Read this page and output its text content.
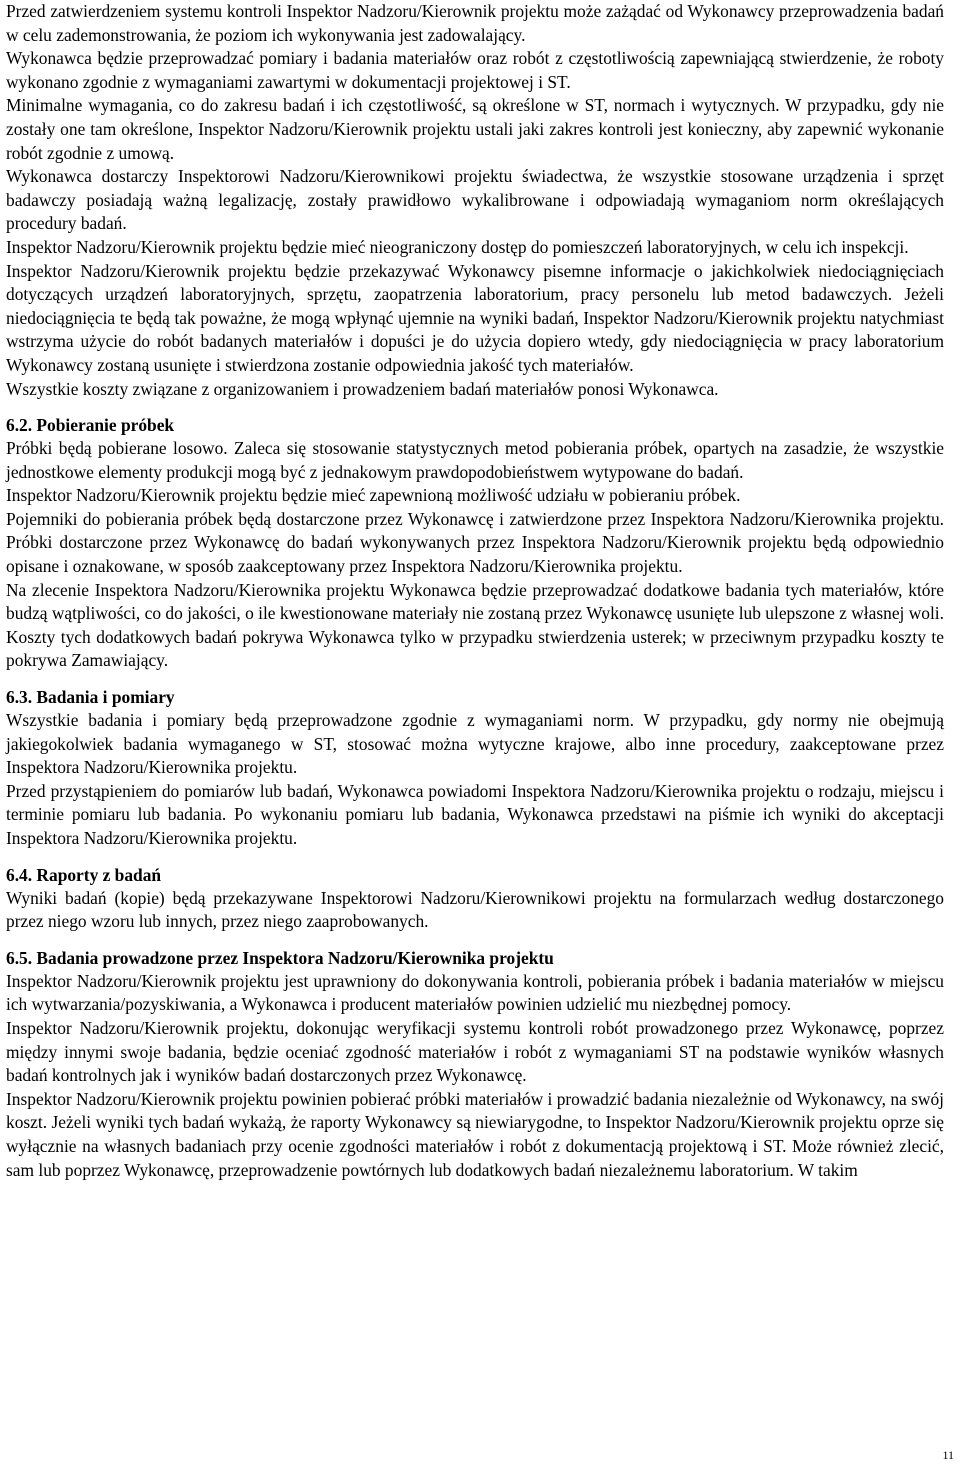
Przed zatwierdzeniem systemu kontroli Inspektor Nadzoru/Kierownik projektu może zażądać od Wykonawcy przeprowadzenia badań w celu zademonstrowania, że poziom ich wykonywania jest zadowalający.

Wykonawca będzie przeprowadzać pomiary i badania materiałów oraz robót z częstotliwością zapewniającą stwierdzenie, że roboty wykonano zgodnie z wymaganiami zawartymi w dokumentacji projektowej i ST.

Minimalne wymagania, co do zakresu badań i ich częstotliwość, są określone w ST, normach i wytycznych. W przypadku, gdy nie zostały one tam określone, Inspektor Nadzoru/Kierownik projektu ustali jaki zakres kontroli jest konieczny, aby zapewnić wykonanie robót zgodnie z umową.

Wykonawca dostarczy Inspektorowi Nadzoru/Kierownikowi projektu świadectwa, że wszystkie stosowane urządzenia i sprzęt badawczy posiadają ważną legalizację, zostały prawidłowo wykalibrowane i odpowiadają wymaganiom norm określających procedury badań.

Inspektor Nadzoru/Kierownik projektu będzie mieć nieograniczony dostęp do pomieszczeń laboratoryjnych, w celu ich inspekcji.

Inspektor Nadzoru/Kierownik projektu będzie przekazywać Wykonawcy pisemne informacje o jakichkolwiek niedociągnięciach dotyczących urządzeń laboratoryjnych, sprzętu, zaopatrzenia laboratorium, pracy personelu lub metod badawczych. Jeżeli niedociągnięcia te będą tak poważne, że mogą wpłynąć ujemnie na wyniki badań, Inspektor Nadzoru/Kierownik projektu natychmiast wstrzyma użycie do robót badanych materiałów i dopuści je do użycia dopiero wtedy, gdy niedociągnięcia w pracy laboratorium Wykonawcy zostaną usunięte i stwierdzona zostanie odpowiednia jakość tych materiałów.

Wszystkie koszty związane z organizowaniem i prowadzeniem badań materiałów ponosi Wykonawca.

6.2. Pobieranie próbek

Próbki będą pobierane losowo. Zaleca się stosowanie statystycznych metod pobierania próbek, opartych na zasadzie, że wszystkie jednostkowe elementy produkcji mogą być z jednakowym prawdopodobieństwem wytypowane do badań.

Inspektor Nadzoru/Kierownik projektu będzie mieć zapewnioną możliwość udziału w pobieraniu próbek.

Pojemniki do pobierania próbek będą dostarczone przez Wykonawcę i zatwierdzone przez Inspektora Nadzoru/Kierownika projektu. Próbki dostarczone przez Wykonawcę do badań wykonywanych przez Inspektora Nadzoru/Kierownik projektu będą odpowiednio opisane i oznakowane, w sposób zaakceptowany przez Inspektora Nadzoru/Kierownika projektu.

Na zlecenie Inspektora Nadzoru/Kierownika projektu Wykonawca będzie przeprowadzać dodatkowe badania tych materiałów, które budzą wątpliwości, co do jakości, o ile kwestionowane materiały nie zostaną przez Wykonawcę usunięte lub ulepszone z własnej woli. Koszty tych dodatkowych badań pokrywa Wykonawca tylko w przypadku stwierdzenia usterek; w przeciwnym przypadku koszty te pokrywa Zamawiający.

6.3. Badania i pomiary

Wszystkie badania i pomiary będą przeprowadzone zgodnie z wymaganiami norm. W przypadku, gdy normy nie obejmują jakiegokolwiek badania wymaganego w ST, stosować można wytyczne krajowe, albo inne procedury, zaakceptowane przez Inspektora Nadzoru/Kierownika projektu.

Przed przystąpieniem do pomiarów lub badań, Wykonawca powiadomi Inspektora Nadzoru/Kierownika projektu o rodzaju, miejscu i terminie pomiaru lub badania. Po wykonaniu pomiaru lub badania, Wykonawca przedstawi na piśmie ich wyniki do akceptacji Inspektora Nadzoru/Kierownika projektu.

6.4. Raporty z badań

Wyniki badań (kopie) będą przekazywane Inspektorowi Nadzoru/Kierownikowi projektu na formularzach według dostarczonego przez niego wzoru lub innych, przez niego zaaprobowanych.

6.5. Badania prowadzone przez Inspektora Nadzoru/Kierownika projektu

Inspektor Nadzoru/Kierownik projektu jest uprawniony do dokonywania kontroli, pobierania próbek i badania materiałów w miejscu ich wytwarzania/pozyskiwania, a Wykonawca i producent materiałów powinien udzielić mu niezbędnej pomocy.

Inspektor Nadzoru/Kierownik projektu, dokonując weryfikacji systemu kontroli robót prowadzonego przez Wykonawcę, poprzez między innymi swoje badania, będzie oceniać zgodność materiałów i robót z wymaganiami ST na podstawie wyników własnych badań kontrolnych jak i wyników badań dostarczonych przez Wykonawcę.

Inspektor Nadzoru/Kierownik projektu powinien pobierać próbki materiałów i prowadzić badania niezależnie od Wykonawcy, na swój koszt. Jeżeli wyniki tych badań wykażą, że raporty Wykonawcy są niewiarygodne, to Inspektor Nadzoru/Kierownik projektu oprze się wyłącznie na własnych badaniach przy ocenie zgodności materiałów i robót z dokumentacją projektową i ST. Może również zlecić, sam lub poprzez Wykonawcę, przeprowadzenie powtórnych lub dodatkowych badań niezależnemu laboratorium. W takim

11
